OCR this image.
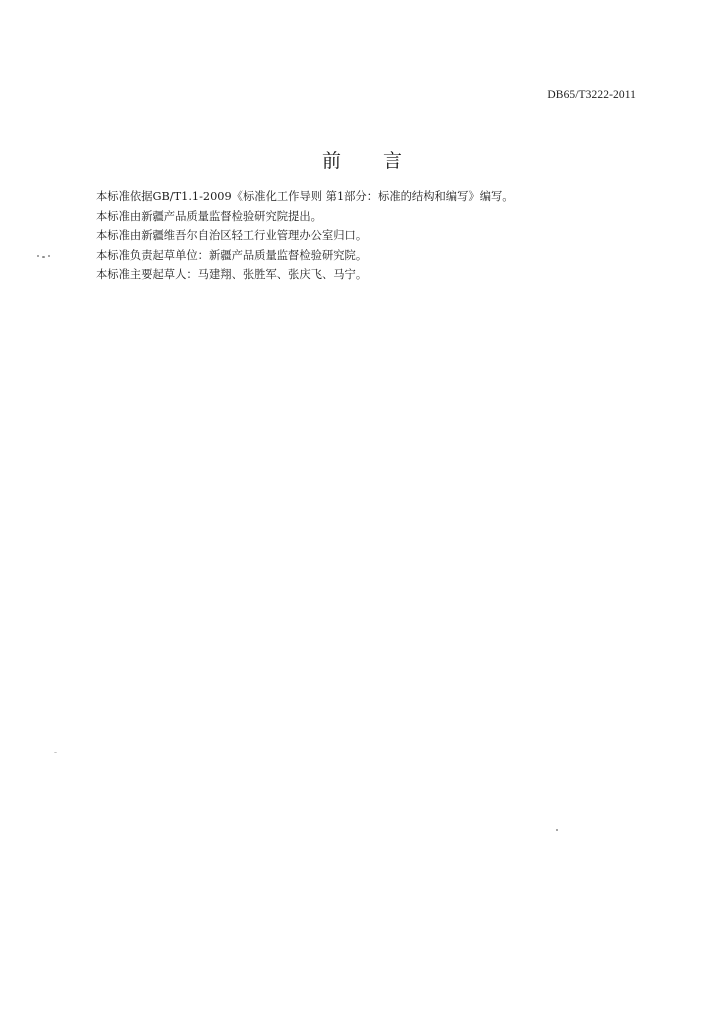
DB65/T3222-2011
前 言
本标准依据GB/T1.1-2009《标准化工作导则 第1部分：标准的结构和编写》编写。
本标准由新疆产品质量监督检验研究院提出。
本标准由新疆维吾尔自治区轻工行业管理办公室归口。
本标准负责起草单位：新疆产品质量监督检验研究院。
本标准主要起草人：马建翔、张胜军、张庆飞、马宁。
